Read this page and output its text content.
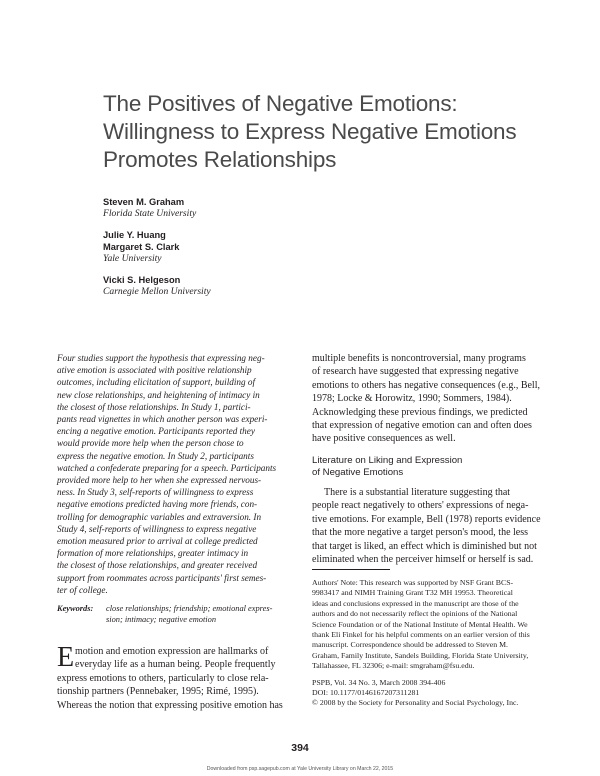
The Positives of Negative Emotions:
Willingness to Express Negative Emotions
Promotes Relationships
Steven M. Graham
Florida State University
Julie Y. Huang
Margaret S. Clark
Yale University
Vicki S. Helgeson
Carnegie Mellon University
Four studies support the hypothesis that expressing neg-
ative emotion is associated with positive relationship
outcomes, including elicitation of support, building of
new close relationships, and heightening of intimacy in
the closest of those relationships. In Study 1, partici-
pants read vignettes in which another person was experi-
encing a negative emotion. Participants reported they
would provide more help when the person chose to
express the negative emotion. In Study 2, participants
watched a confederate preparing for a speech. Participants
provided more help to her when she expressed nervous-
ness. In Study 3, self-reports of willingness to express
negative emotions predicted having more friends, con-
trolling for demographic variables and extraversion. In
Study 4, self-reports of willingness to express negative
emotion measured prior to arrival at college predicted
formation of more relationships, greater intimacy in
the closest of those relationships, and greater received
support from roommates across participants' first semes-
ter of college.
Keywords: close relationships; friendship; emotional expres-
sion; intimacy; negative emotion
E motion and emotion expression are hallmarks of
everyday life as a human being. People frequently
express emotions to others, particularly to close rela-
tionship partners (Pennebaker, 1995; Rimé, 1995).
Whereas the notion that expressing positive emotion has
multiple benefits is noncontroversial, many programs
of research have suggested that expressing negative
emotions to others has negative consequences (e.g., Bell,
1978; Locke & Horowitz, 1990; Sommers, 1984).
Acknowledging these previous findings, we predicted
that expression of negative emotion can and often does
have positive consequences as well.
Literature on Liking and Expression
of Negative Emotions
There is a substantial literature suggesting that
people react negatively to others' expressions of nega-
tive emotions. For example, Bell (1978) reports evidence
that the more negative a target person's mood, the less
that target is liked, an effect which is diminished but not
eliminated when the perceiver himself or herself is sad.
Authors' Note: This research was supported by NSF Grant BCS-
9983417 and NIMH Training Grant T32 MH 19953. Theoretical
ideas and conclusions expressed in the manuscript are those of the
authors and do not necessarily reflect the opinions of the National
Science Foundation or of the National Institute of Mental Health. We
thank Eli Finkel for his helpful comments on an earlier version of this
manuscript. Correspondence should be addressed to Steven M.
Graham, Family Institute, Sandels Building, Florida State University,
Tallahassee, FL 32306; e-mail: smgraham@fsu.edu.
PSPB, Vol. 34 No. 3, March 2008 394-406
DOI: 10.1177/0146167207311281
© 2008 by the Society for Personality and Social Psychology, Inc.
394
Downloaded from psp.sagepub.com at Yale University Library on March 22, 2015
